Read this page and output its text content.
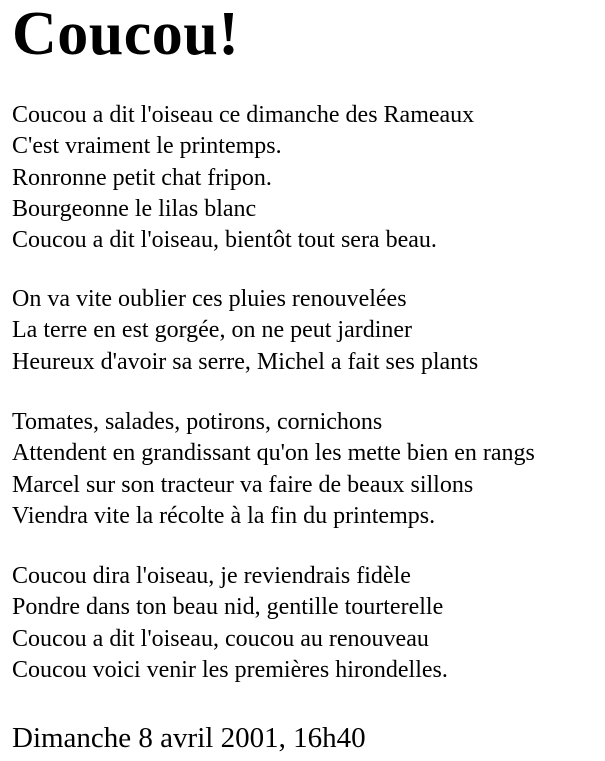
Coucou!

Coucou a dit l'oiseau ce dimanche des Rameaux
C'est vraiment le printemps.
Ronronne petit chat fripon.
Bourgeonne le lilas blanc
Coucou a dit l'oiseau, bientôt tout sera beau.

On va vite oublier ces pluies renouvelées
La terre en est gorgée, on ne peut jardiner
Heureux d'avoir sa serre, Michel a fait ses plants

Tomates, salades, potirons, cornichons
Attendent en grandissant qu'on les mette bien en rangs
Marcel sur son tracteur va faire de beaux sillons
Viendra vite la récolte à la fin du printemps.

Coucou dira l'oiseau, je reviendrais fidèle
Pondre dans ton beau nid, gentille tourterelle
Coucou a dit l'oiseau, coucou au renouveau
Coucou voici venir les premières hirondelles.

Dimanche 8 avril 2001, 16h40
